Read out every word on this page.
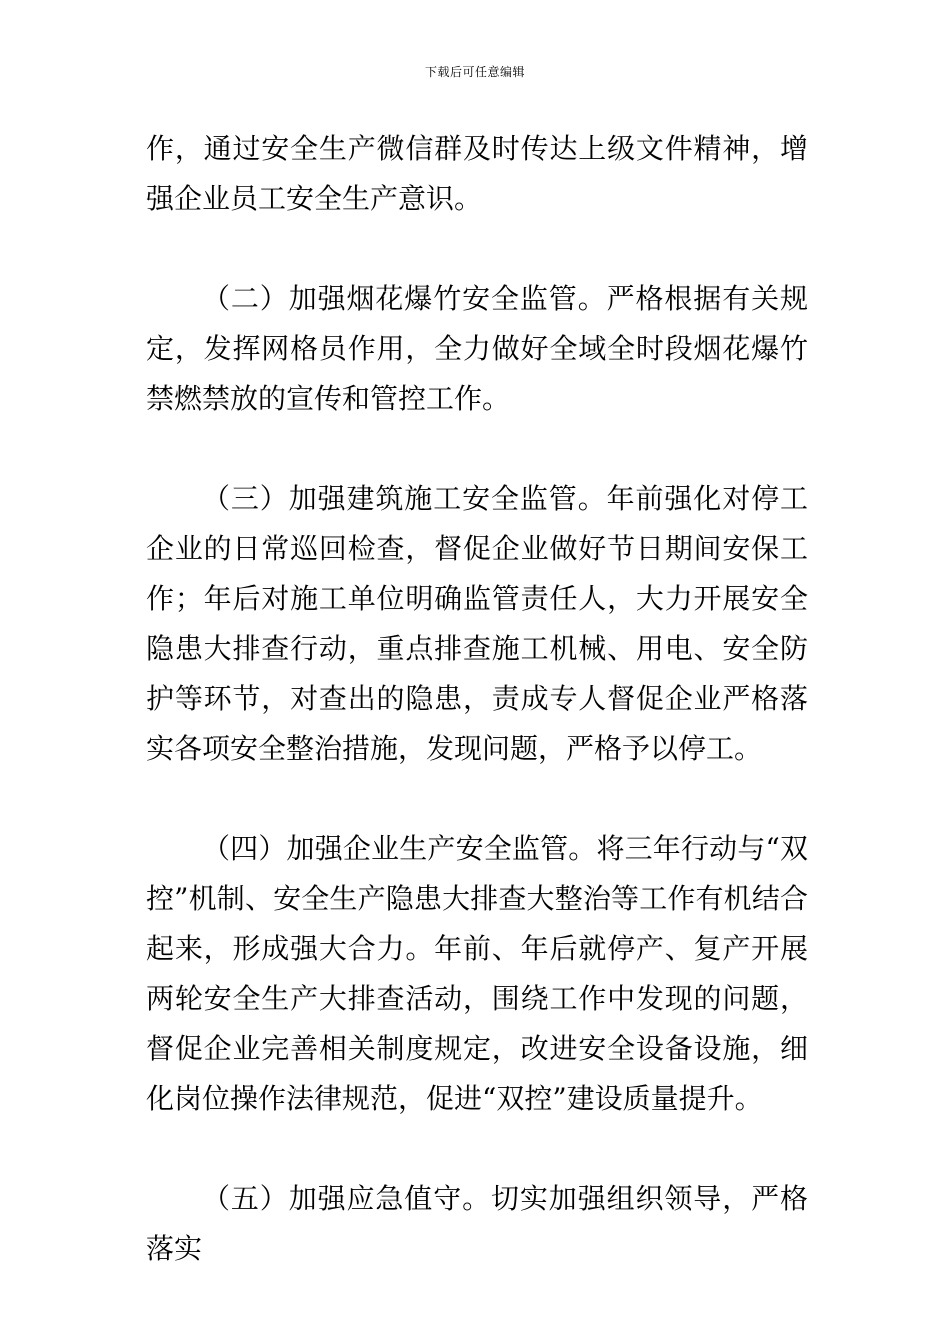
下载后可任意编辑

作，通过安全生产微信群及时传达上级文件精神，增强企业员工安全生产意识。

（二）加强烟花爆竹安全监管。严格根据有关规定，发挥网格员作用，全力做好全域全时段烟花爆竹禁燃禁放的宣传和管控工作。

（三）加强建筑施工安全监管。年前强化对停工企业的日常巡回检查，督促企业做好节日期间安保工作；年后对施工单位明确监管责任人，大力开展安全隐患大排查行动，重点排查施工机械、用电、安全防护等环节，对查出的隐患，责成专人督促企业严格落实各项安全整治措施，发现问题，严格予以停工。

（四）加强企业生产安全监管。将三年行动与“双控”机制、安全生产隐患大排查大整治等工作有机结合起来，形成强大合力。年前、年后就停产、复产开展两轮安全生产大排查活动，围绕工作中发现的问题，督促企业完善相关制度规定，改进安全设备设施，细化岗位操作法律规范，促进“双控”建设质量提升。

（五）加强应急值守。切实加强组织领导，严格落实
